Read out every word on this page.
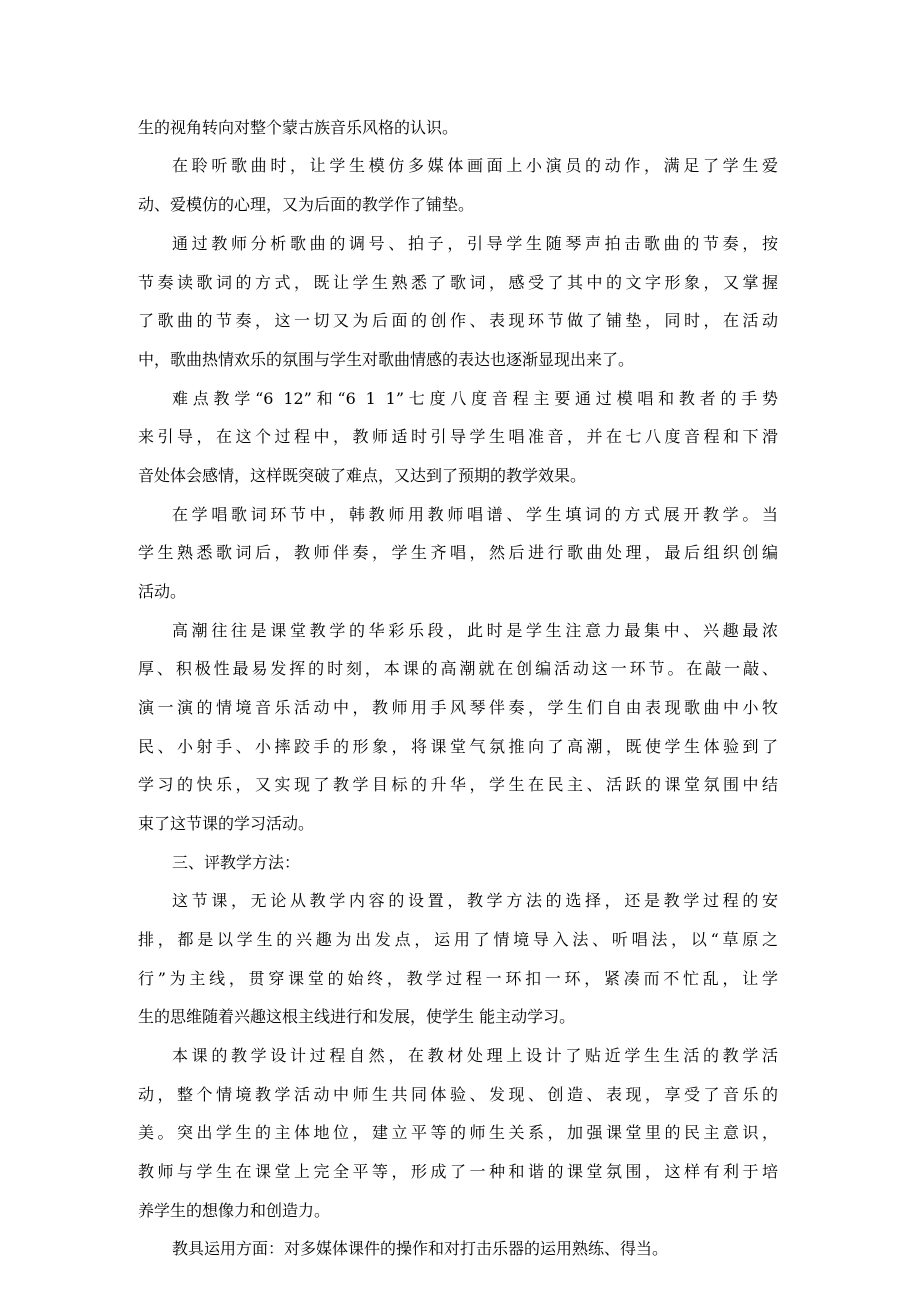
生的视角转向对整个蒙古族音乐风格的认识。
在聆听歌曲时，让学生模仿多媒体画面上小演员的动作，满足了学生爱
动、爱模仿的心理，又为后面的教学作了铺垫。
通过教师分析歌曲的调号、拍子，引导学生随琴声拍击歌曲的节奏，按
节奏读歌词的方式，既让学生熟悉了歌词，感受了其中的文字形象，又掌握
了歌曲的节奏，这一切又为后面的创作、表现环节做了铺垫，同时，在活动
中，歌曲热情欢乐的氛围与学生对歌曲情感的表达也逐渐显现出来了。
难点教学“6 12”和“6 1 1”七度八度音程主要通过模唱和教者的手势
来引导，在这个过程中，教师适时引导学生唱准音，并在七八度音程和下滑
音处体会感情，这样既突破了难点，又达到了预期的教学效果。
在学唱歌词环节中，韩教师用教师唱谱、学生填词的方式展开教学。当
学生熟悉歌词后，教师伴奏，学生齐唱，然后进行歌曲处理，最后组织创编
活动。
高潮往往是课堂教学的华彩乐段，此时是学生注意力最集中、兴趣最浓
厚、积极性最易发挥的时刻，本课的高潮就在创编活动这一环节。在敲一敲、
演一演的情境音乐活动中，教师用手风琴伴奏，学生们自由表现歌曲中小牧
民、小射手、小摔跤手的形象，将课堂气氛推向了高潮，既使学生体验到了
学习的快乐，又实现了教学目标的升华，学生在民主、活跃的课堂氛围中结
束了这节课的学习活动。
三、评教学方法：
这节课，无论从教学内容的设置，教学方法的选择，还是教学过程的安
排，都是以学生的兴趣为出发点，运用了情境导入法、听唱法，以“草原之
行”为主线，贯穿课堂的始终，教学过程一环扣一环，紧凑而不忙乱，让学
生的思维随着兴趣这根主线进行和发展，使学生 能主动学习。
本课的教学设计过程自然，在教材处理上设计了贴近学生生活的教学活
动，整个情境教学活动中师生共同体验、发现、创造、表现，享受了音乐的
美。突出学生的主体地位，建立平等的师生关系，加强课堂里的民主意识，
教师与学生在课堂上完全平等，形成了一种和谐的课堂氛围，这样有利于培
养学生的想像力和创造力。
教具运用方面：对多媒体课件的操作和对打击乐器的运用熟练、得当。
